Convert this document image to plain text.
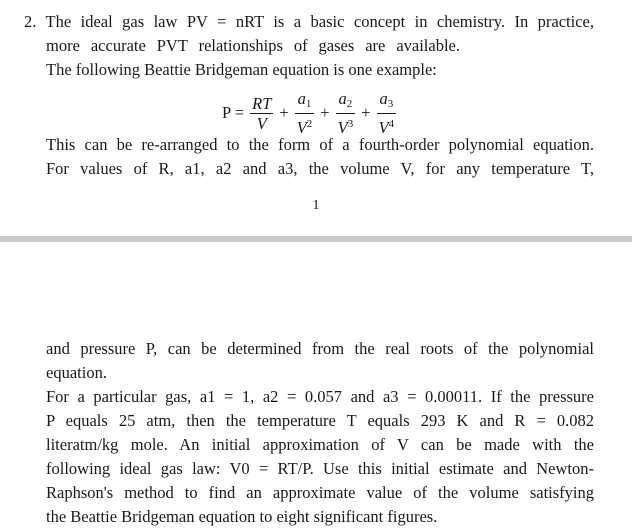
2. The ideal gas law PV = nRT is a basic concept in chemistry. In practice,
more accurate PVT relationships of gases are available.
The following Beattie Bridgeman equation is one example:
$P = \frac{RT}{V} + \frac{a_1}{V^2} + \frac{a_2}{V^3} + \frac{a_3}{V^4}$
This can be re-arranged to the form of a fourth-order polynomial equation.
For values of R, a1, a2 and a3, the volume V, for any temperature T,
1
and pressure P, can be determined from the real roots of the polynomial
equation.
For a particular gas, a1 = 1, a2 = 0.057 and a3 = 0.00011. If the pressure
P equals 25 atm, then the temperature T equals 293 K and R = 0.082
literatm/kg mole. An initial approximation of V can be made with the
following ideal gas law: V0 = RT/P. Use this initial estimate and Newton-
Raphson's method to find an approximate value of the volume satisfying
the Beattie Bridgeman equation to eight significant figures.
